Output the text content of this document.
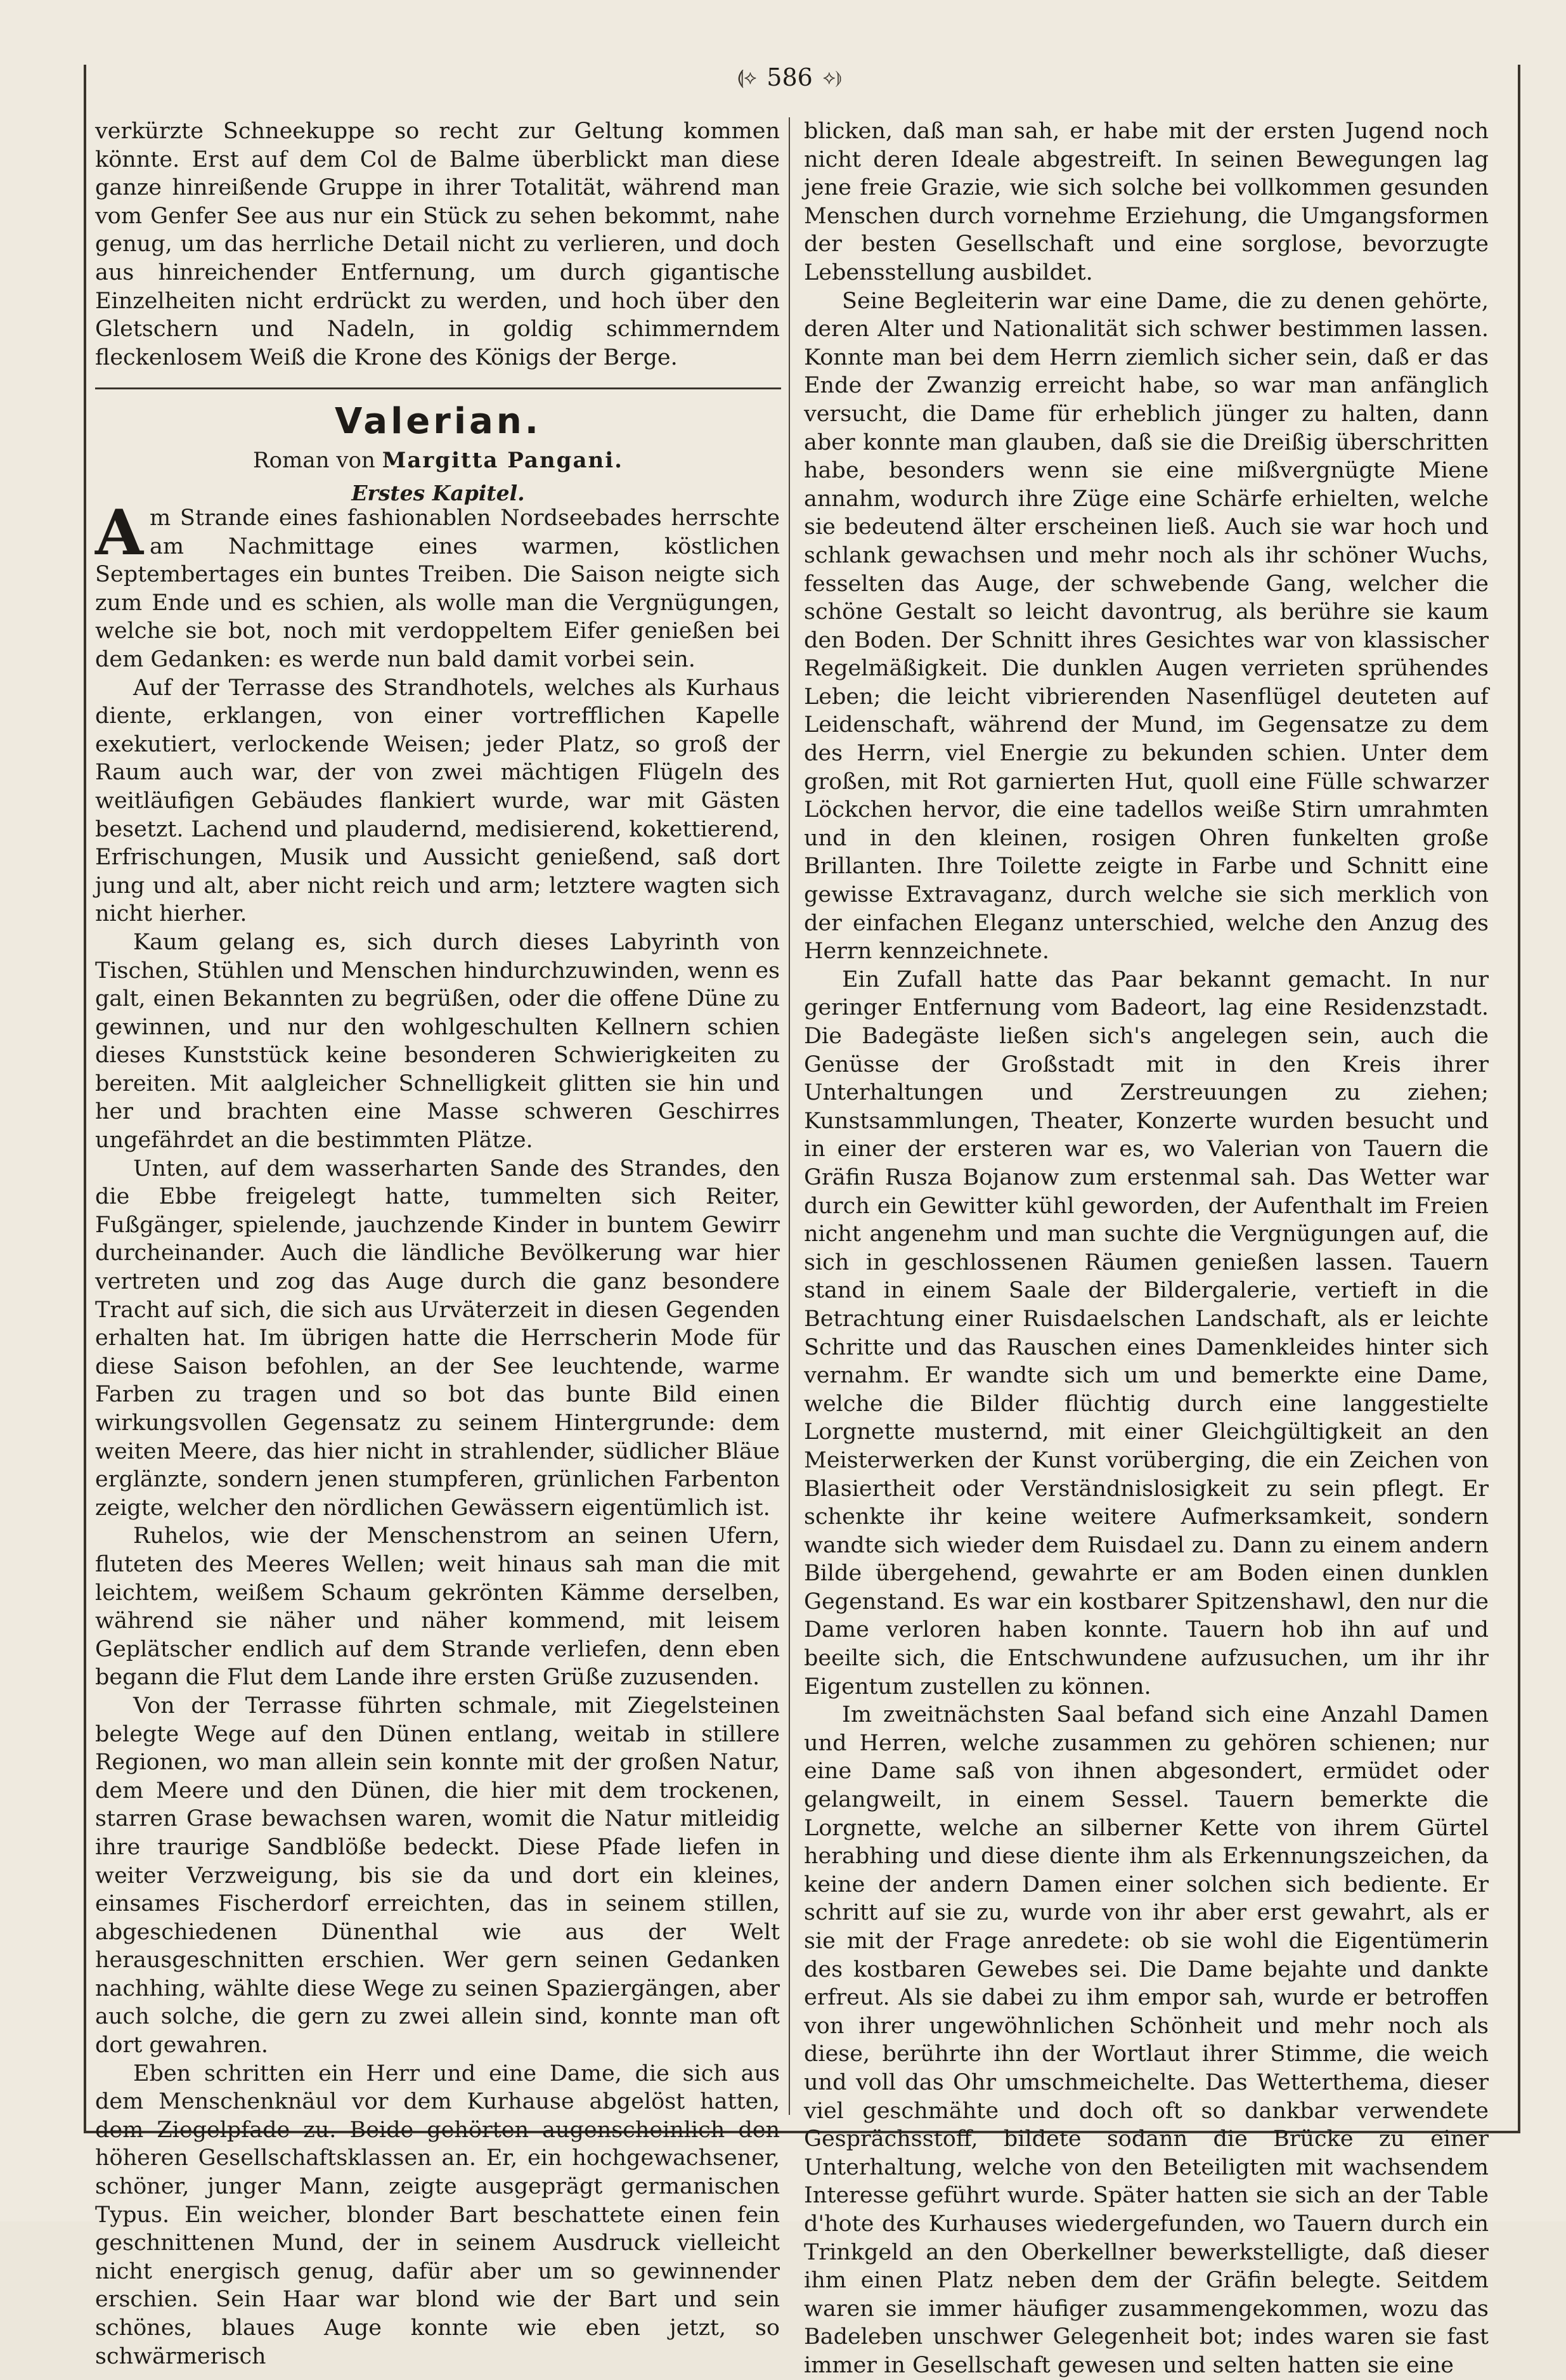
⟬⟡ 586 ⟡⟭

verkürzte Schneekuppe so recht zur Geltung kommen könnte. Erst auf dem Col de Balme überblickt man diese ganze hinreißende Gruppe in ihrer Totalität, während man vom Genfer See aus nur ein Stück zu sehen bekommt, nahe genug, um das herrliche Detail nicht zu verlieren, und doch aus hinreichender Entfernung, um durch gigantische Einzelheiten nicht erdrückt zu werden, und hoch über den Gletschern und Nadeln, in goldig schimmerndem fleckenlosem Weiß die Krone des Königs der Berge.

Valerian.
Roman von Margitta Pangani.
Erstes Kapitel.

Am Strande eines fashionablen Nordseebades herrschte am Nachmittage eines warmen, köstlichen Septembertages ein buntes Treiben. Die Saison neigte sich zum Ende und es schien, als wolle man die Vergnügungen, welche sie bot, noch mit verdoppeltem Eifer genießen bei dem Gedanken: es werde nun bald damit vorbei sein.

Auf der Terrasse des Strandhotels, welches als Kurhaus diente, erklangen, von einer vortrefflichen Kapelle exekutiert, verlockende Weisen; jeder Platz, so groß der Raum auch war, der von zwei mächtigen Flügeln des weitläufigen Gebäudes flankiert wurde, war mit Gästen besetzt. Lachend und plaudernd, medisierend, kokettierend, Erfrischungen, Musik und Aussicht genießend, saß dort jung und alt, aber nicht reich und arm; letztere wagten sich nicht hierher.

Kaum gelang es, sich durch dieses Labyrinth von Tischen, Stühlen und Menschen hindurchzuwinden, wenn es galt, einen Bekannten zu begrüßen, oder die offene Düne zu gewinnen, und nur den wohlgeschulten Kellnern schien dieses Kunststück keine besonderen Schwierigkeiten zu bereiten. Mit aalgleicher Schnelligkeit glitten sie hin und her und brachten eine Masse schweren Geschirres ungefährdet an die bestimmten Plätze.

Unten, auf dem wasserharten Sande des Strandes, den die Ebbe freigelegt hatte, tummelten sich Reiter, Fußgänger, spielende, jauchzende Kinder in buntem Gewirr durcheinander. Auch die ländliche Bevölkerung war hier vertreten und zog das Auge durch die ganz besondere Tracht auf sich, die sich aus Urväterzeit in diesen Gegenden erhalten hat. Im übrigen hatte die Herrscherin Mode für diese Saison befohlen, an der See leuchtende, warme Farben zu tragen und so bot das bunte Bild einen wirkungsvollen Gegensatz zu seinem Hintergrunde: dem weiten Meere, das hier nicht in strahlender, südlicher Bläue erglänzte, sondern jenen stumpferen, grünlichen Farbenton zeigte, welcher den nördlichen Gewässern eigentümlich ist.

Ruhelos, wie der Menschenstrom an seinen Ufern, fluteten des Meeres Wellen; weit hinaus sah man die mit leichtem, weißem Schaum gekrönten Kämme derselben, während sie näher und näher kommend, mit leisem Geplätscher endlich auf dem Strande verliefen, denn eben begann die Flut dem Lande ihre ersten Grüße zuzusenden.

Von der Terrasse führten schmale, mit Ziegelsteinen belegte Wege auf den Dünen entlang, weitab in stillere Regionen, wo man allein sein konnte mit der großen Natur, dem Meere und den Dünen, die hier mit dem trockenen, starren Grase bewachsen waren, womit die Natur mitleidig ihre traurige Sandblöße bedeckt. Diese Pfade liefen in weiter Verzweigung, bis sie da und dort ein kleines, einsames Fischerdorf erreichten, das in seinem stillen, abgeschiedenen Dünenthal wie aus der Welt herausgeschnitten erschien. Wer gern seinen Gedanken nachhing, wählte diese Wege zu seinen Spaziergängen, aber auch solche, die gern zu zwei allein sind, konnte man oft dort gewahren.

Eben schritten ein Herr und eine Dame, die sich aus dem Menschenknäul vor dem Kurhause abgelöst hatten, dem Ziegelpfade zu. Beide gehörten augenscheinlich den höheren Gesellschaftsklassen an. Er, ein hochgewachsener, schöner, junger Mann, zeigte ausgeprägt germanischen Typus. Ein weicher, blonder Bart beschattete einen fein geschnittenen Mund, der in seinem Ausdruck vielleicht nicht energisch genug, dafür aber um so gewinnender erschien. Sein Haar war blond wie der Bart und sein schönes, blaues Auge konnte wie eben jetzt, so schwärmerisch

blicken, daß man sah, er habe mit der ersten Jugend noch nicht deren Ideale abgestreift. In seinen Bewegungen lag jene freie Grazie, wie sich solche bei vollkommen gesunden Menschen durch vornehme Erziehung, die Umgangsformen der besten Gesellschaft und eine sorglose, bevorzugte Lebensstellung ausbildet.

Seine Begleiterin war eine Dame, die zu denen gehörte, deren Alter und Nationalität sich schwer bestimmen lassen. Konnte man bei dem Herrn ziemlich sicher sein, daß er das Ende der Zwanzig erreicht habe, so war man anfänglich versucht, die Dame für erheblich jünger zu halten, dann aber konnte man glauben, daß sie die Dreißig überschritten habe, besonders wenn sie eine mißvergnügte Miene annahm, wodurch ihre Züge eine Schärfe erhielten, welche sie bedeutend älter erscheinen ließ. Auch sie war hoch und schlank gewachsen und mehr noch als ihr schöner Wuchs, fesselten das Auge, der schwebende Gang, welcher die schöne Gestalt so leicht davontrug, als berühre sie kaum den Boden. Der Schnitt ihres Gesichtes war von klassischer Regelmäßigkeit. Die dunklen Augen verrieten sprühendes Leben; die leicht vibrierenden Nasenflügel deuteten auf Leidenschaft, während der Mund, im Gegensatze zu dem des Herrn, viel Energie zu bekunden schien. Unter dem großen, mit Rot garnierten Hut, quoll eine Fülle schwarzer Löckchen hervor, die eine tadellos weiße Stirn umrahmten und in den kleinen, rosigen Ohren funkelten große Brillanten. Ihre Toilette zeigte in Farbe und Schnitt eine gewisse Extravaganz, durch welche sie sich merklich von der einfachen Eleganz unterschied, welche den Anzug des Herrn kennzeichnete.

Ein Zufall hatte das Paar bekannt gemacht. In nur geringer Entfernung vom Badeort, lag eine Residenzstadt. Die Badegäste ließen sich's angelegen sein, auch die Genüsse der Großstadt mit in den Kreis ihrer Unterhaltungen und Zerstreuungen zu ziehen; Kunstsammlungen, Theater, Konzerte wurden besucht und in einer der ersteren war es, wo Valerian von Tauern die Gräfin Rusza Bojanow zum erstenmal sah. Das Wetter war durch ein Gewitter kühl geworden, der Aufenthalt im Freien nicht angenehm und man suchte die Vergnügungen auf, die sich in geschlossenen Räumen genießen lassen. Tauern stand in einem Saale der Bildergalerie, vertieft in die Betrachtung einer Ruisdaelschen Landschaft, als er leichte Schritte und das Rauschen eines Damenkleides hinter sich vernahm. Er wandte sich um und bemerkte eine Dame, welche die Bilder flüchtig durch eine langgestielte Lorgnette musternd, mit einer Gleichgültigkeit an den Meisterwerken der Kunst vorüberging, die ein Zeichen von Blasiertheit oder Verständnislosigkeit zu sein pflegt. Er schenkte ihr keine weitere Aufmerksamkeit, sondern wandte sich wieder dem Ruisdael zu. Dann zu einem andern Bilde übergehend, gewahrte er am Boden einen dunklen Gegenstand. Es war ein kostbarer Spitzenshawl, den nur die Dame verloren haben konnte. Tauern hob ihn auf und beeilte sich, die Entschwundene aufzusuchen, um ihr ihr Eigentum zustellen zu können.

Im zweitnächsten Saal befand sich eine Anzahl Damen und Herren, welche zusammen zu gehören schienen; nur eine Dame saß von ihnen abgesondert, ermüdet oder gelangweilt, in einem Sessel. Tauern bemerkte die Lorgnette, welche an silberner Kette von ihrem Gürtel herabhing und diese diente ihm als Erkennungszeichen, da keine der andern Damen einer solchen sich bediente. Er schritt auf sie zu, wurde von ihr aber erst gewahrt, als er sie mit der Frage anredete: ob sie wohl die Eigentümerin des kostbaren Gewebes sei. Die Dame bejahte und dankte erfreut. Als sie dabei zu ihm empor sah, wurde er betroffen von ihrer ungewöhnlichen Schönheit und mehr noch als diese, berührte ihn der Wortlaut ihrer Stimme, die weich und voll das Ohr umschmeichelte. Das Wetterthema, dieser viel geschmähte und doch oft so dankbar verwendete Gesprächsstoff, bildete sodann die Brücke zu einer Unterhaltung, welche von den Beteiligten mit wachsendem Interesse geführt wurde. Später hatten sie sich an der Table d'hote des Kurhauses wiedergefunden, wo Tauern durch ein Trinkgeld an den Oberkellner bewerkstelligte, daß dieser ihm einen Platz neben dem der Gräfin belegte. Seitdem waren sie immer häufiger zusammengekommen, wozu das Badeleben unschwer Gelegenheit bot; indes waren sie fast immer in Gesellschaft gewesen und selten hatten sie eine
